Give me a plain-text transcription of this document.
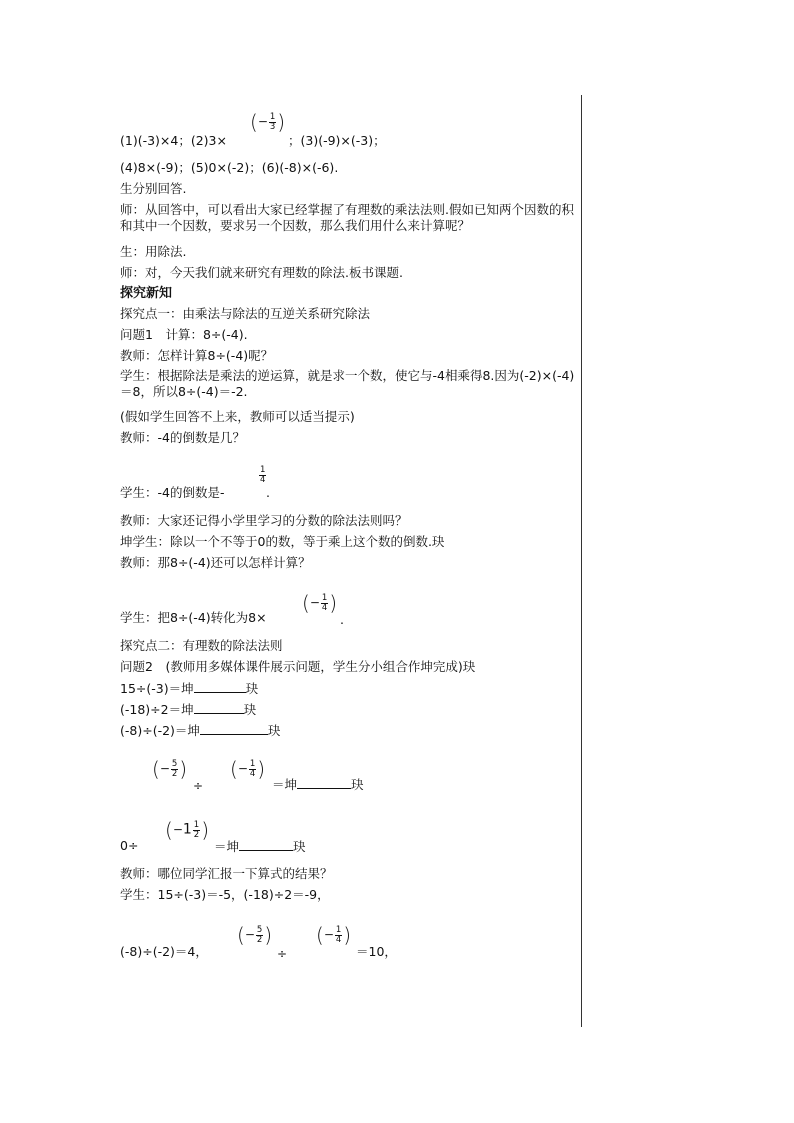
(1)(-3)×4；(2)3×
(− $\frac{1}{3}$ )
；(3)(-9)×(-3)；
(4)8×(-9)；(5)0×(-2)；(6)(-8)×(-6).
生分别回答.
师：从回答中，可以看出大家已经掌握了有理数的乘法法则.假如已知两个因数的积和其中一个因数，要求另一个因数，那么我们用什么来计算呢？
生：用除法.
师：对，今天我们就来研究有理数的除法.板书课题.
探究新知
探究点一：由乘法与除法的互逆关系研究除法
问题1　计算：8÷(-4).
教师：怎样计算8÷(-4)呢？
学生：根据除法是乘法的逆运算，就是求一个数，使它与-4相乘得8.因为(-2)×(-4)＝8，所以8÷(-4)＝-2.
(假如学生回答不上来，教师可以适当提示)
教师：-4的倒数是几？
学生：-4的倒数是-
$\frac{1}{4}$
.
教师：大家还记得小学里学习的分数的除法法则吗？
坤学生：除以一个不等于0的数，等于乘上这个数的倒数.玦
教师：那8÷(-4)还可以怎样计算？
学生：把8÷(-4)转化为8×
(− $\frac{1}{4}$ )
.
探究点二：有理数的除法法则
问题2　(教师用多媒体课件展示问题，学生分小组合作坤完成)玦
15÷(-3)＝坤	玦
(-18)÷2＝坤	玦
(-8)÷(-2)＝坤	玦
(− $\frac{5}{2}$ )
÷
(− $\frac{1}{4}$ )
＝坤	玦
0÷
($-1 \frac{1}{2}$ )
＝坤	玦
教师：哪位同学汇报一下算式的结果？
学生：15÷(-3)＝-5，(-18)÷2＝-9，
(-8)÷(-2)＝4，
(− $\frac{5}{2}$ )
÷
(− $\frac{1}{4}$ )
＝10，
